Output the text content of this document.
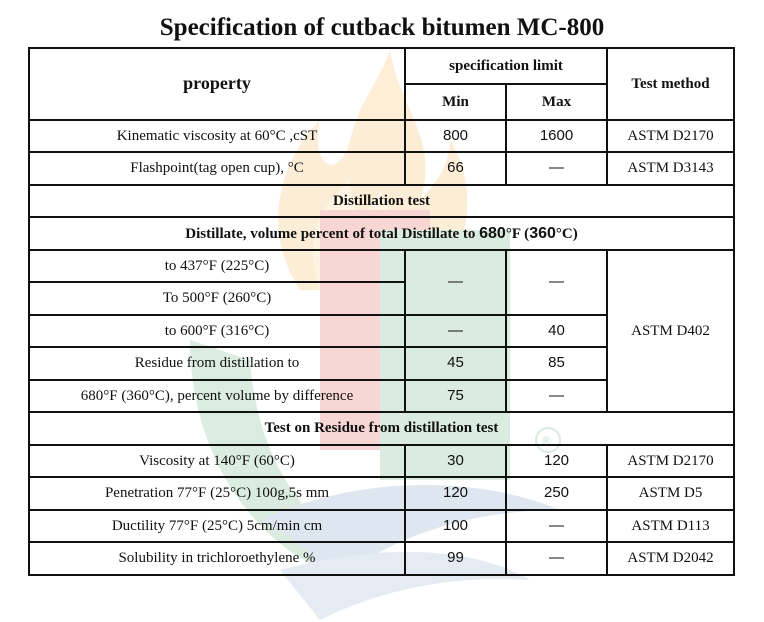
Specification of cutback bitumen MC-800
®
property	specification limit		Test method
	Min	Max	
Kinematic viscosity at 60°C ,cST	800	1600	ASTM D2170
Flashpoint(tag open cup), °C	66	—	ASTM D3143
Distillation test			
Distillate, volume percent of total Distillate to 680°F (360°C)			
to 437°F (225°C)	—	—	ASTM D402
To 500°F (260°C)			
to 600°F (316°C)	—	40	
Residue from distillation to	45	85	
680°F (360°C), percent volume by difference	75	—	
Test on Residue from distillation test			
Viscosity at 140°F (60°C)	30	120	ASTM D2170
Penetration 77°F (25°C) 100g,5s mm	120	250	ASTM D5
Ductility 77°F (25°C) 5cm/min cm	100	—	ASTM D113
Solubility in trichloroethylene %	99	—	ASTM D2042
